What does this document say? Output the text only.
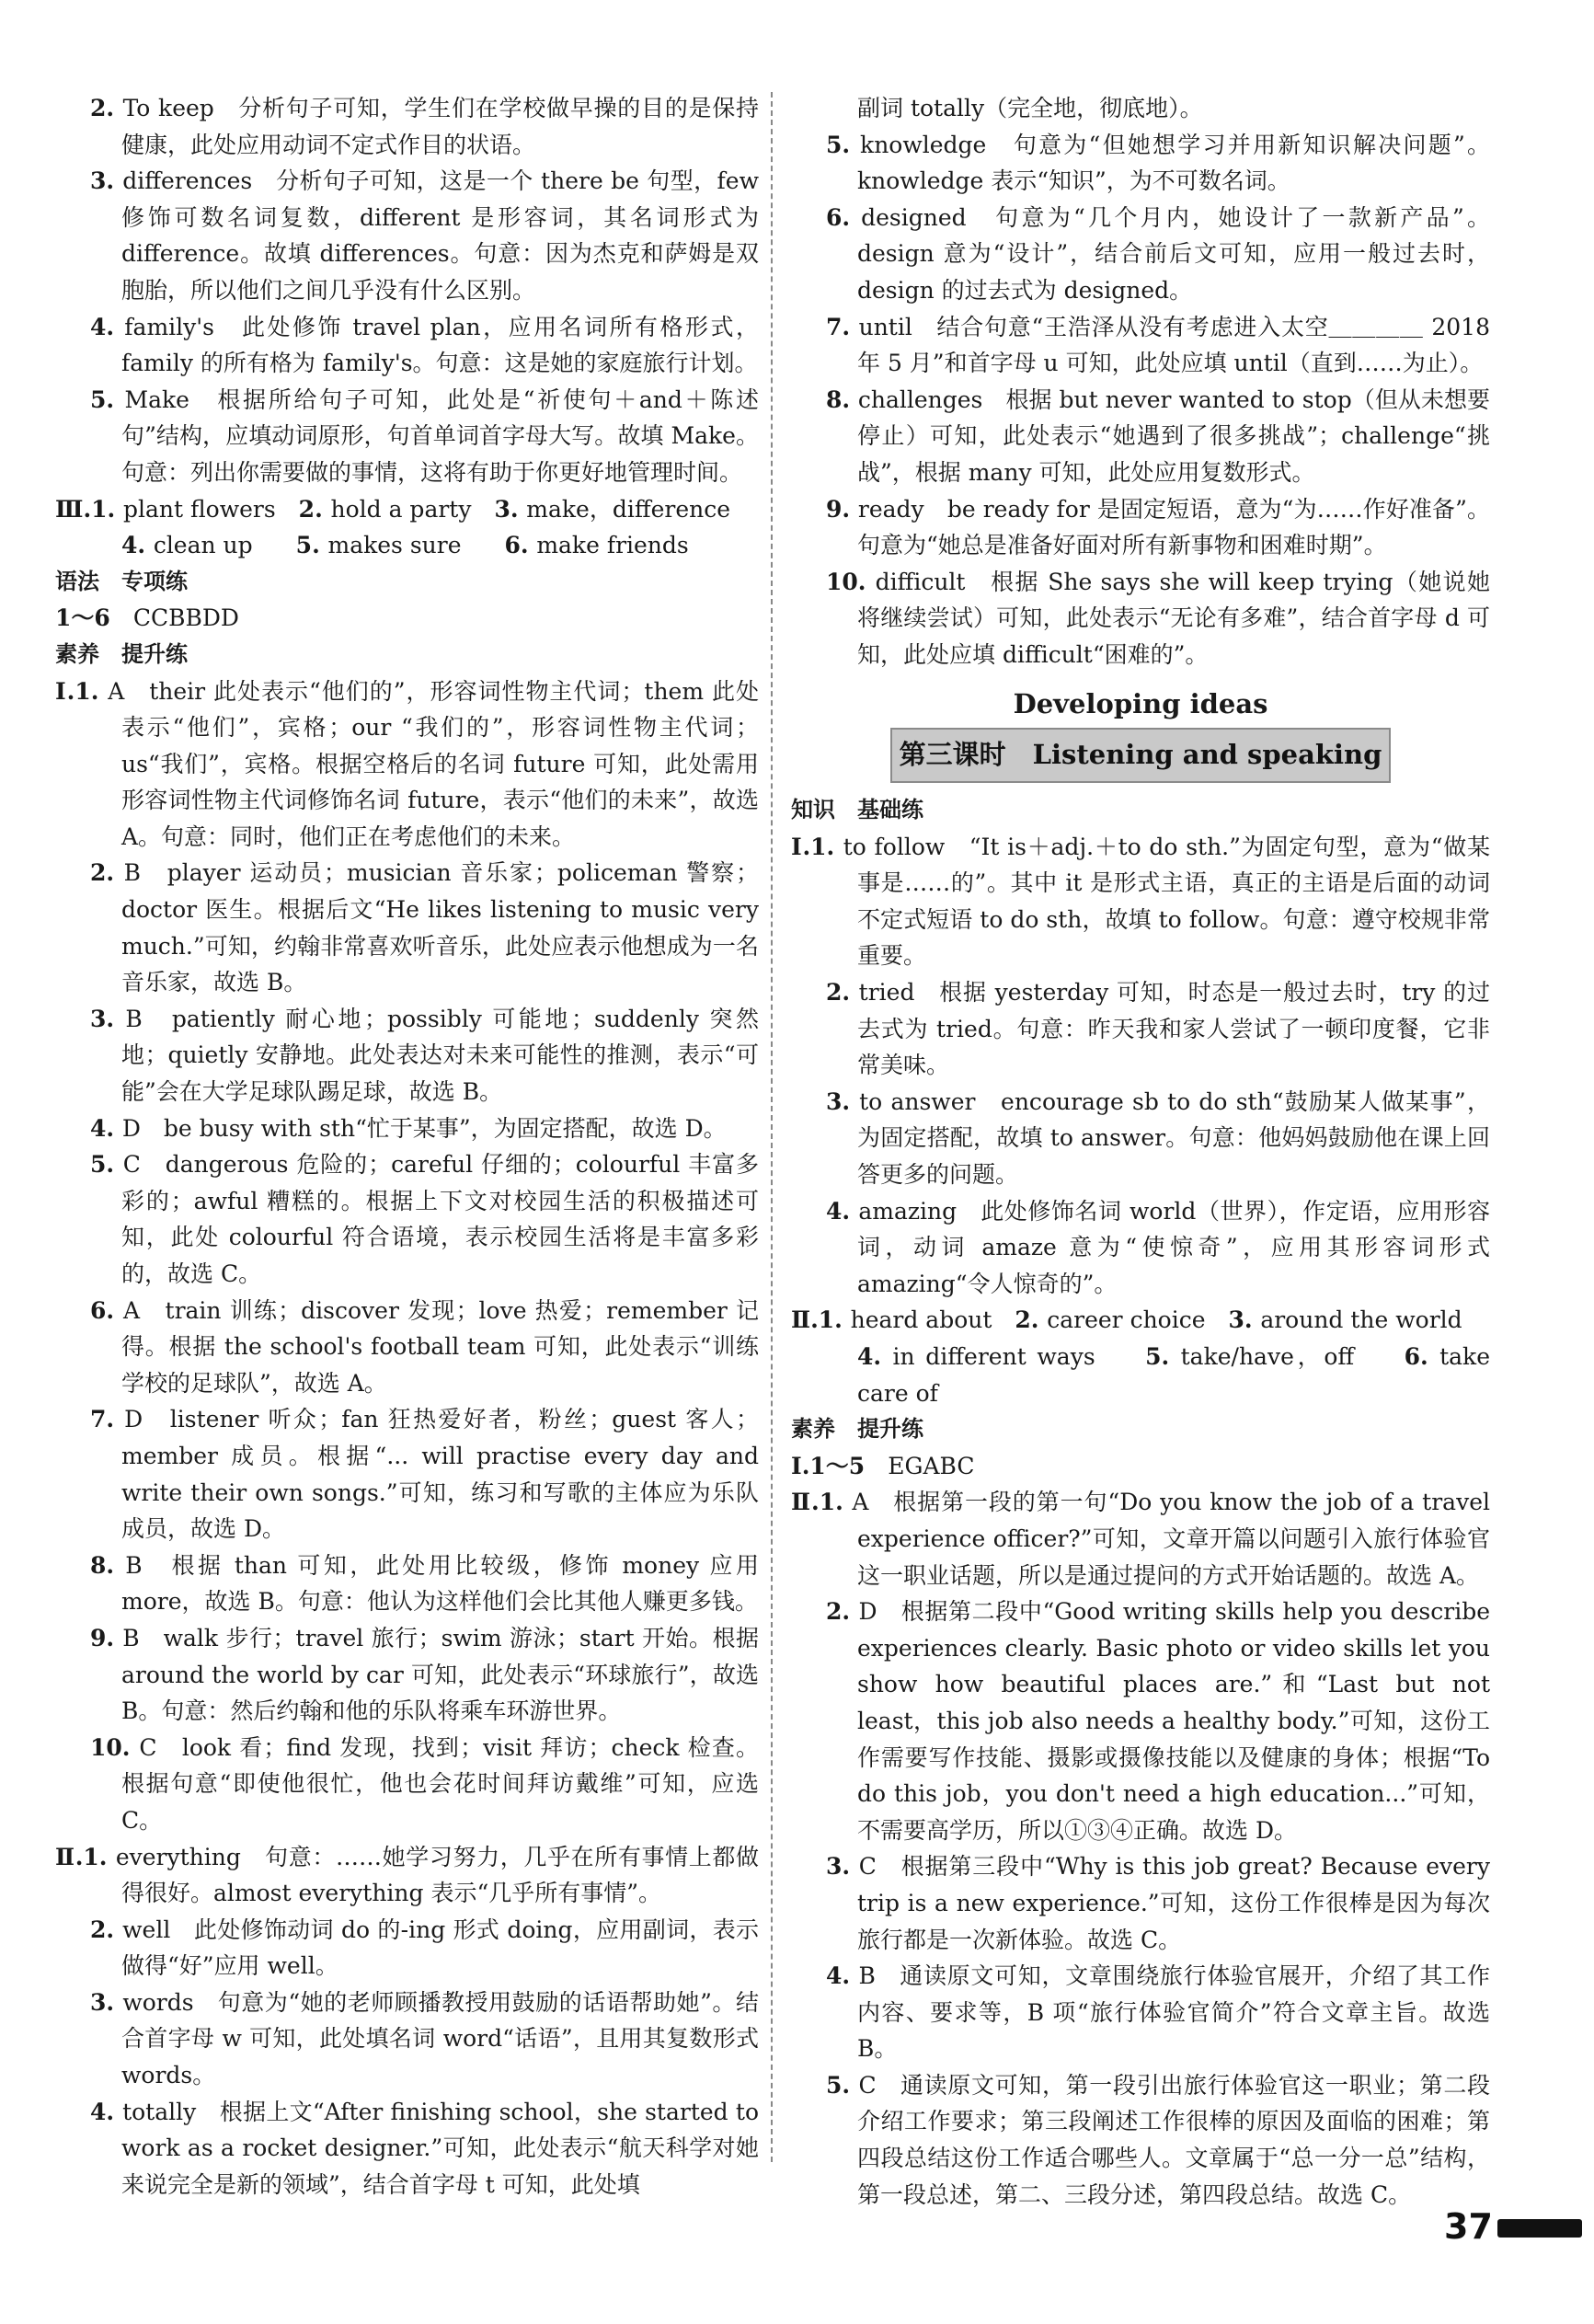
2. To keep　分析句子可知，学生们在学校做早操的目的是保持健康，此处应用动词不定式作目的状语。
3. differences　分析句子可知，这是一个 there be 句型，few 修饰可数名词复数，different 是形容词，其名词形式为 difference。故填 differences。句意：因为杰克和萨姆是双胞胎，所以他们之间几乎没有什么区别。
4. family's　此处修饰 travel plan，应用名词所有格形式，family 的所有格为 family's。句意：这是她的家庭旅行计划。
5. Make　根据所给句子可知，此处是“祈使句＋and＋陈述句”结构，应填动词原形，句首单词首字母大写。故填 Make。句意：列出你需要做的事情，这将有助于你更好地管理时间。
Ⅲ.1. plant flowers　2. hold a party　3. make，difference　
4. clean up　5. makes sure　6. make friends　
语法　专项练
1～6　 CCBBDD
素养　提升练
Ⅰ.1. A　their 此处表示“他们的”，形容词性物主代词；them 此处表示“他们”，宾格；our “我们的”，形容词性物主代词；us“我们”，宾格。根据空格后的名词 future 可知，此处需用形容词性物主代词修饰名词 future，表示“他们的未来”，故选 A。句意：同时，他们正在考虑他们的未来。
2. B　player 运动员；musician 音乐家；policeman 警察；doctor 医生。根据后文“He likes listening to music very much.”可知，约翰非常喜欢听音乐，此处应表示他想成为一名音乐家，故选 B。
3. B　patiently 耐心地；possibly 可能地；suddenly 突然地；quietly 安静地。此处表达对未来可能性的推测，表示“可能”会在大学足球队踢足球，故选 B。
4. D　be busy with sth“忙于某事”，为固定搭配，故选 D。
5. C　dangerous 危险的；careful 仔细的；colourful 丰富多彩的；awful 糟糕的。根据上下文对校园生活的积极描述可知，此处 colourful 符合语境，表示校园生活将是丰富多彩的，故选 C。
6. A　train 训练；discover 发现；love 热爱；remember 记得。根据 the school's football team 可知，此处表示“训练学校的足球队”，故选 A。
7. D　listener 听众；fan 狂热爱好者，粉丝；guest 客人；member 成员。根据“... will practise every day and write their own songs.”可知，练习和写歌的主体应为乐队成员，故选 D。
8. B　根据 than 可知，此处用比较级，修饰 money 应用 more，故选 B。句意：他认为这样他们会比其他人赚更多钱。
9. B　walk 步行；travel 旅行；swim 游泳；start 开始。根据 around the world by car 可知，此处表示“环球旅行”，故选 B。句意：然后约翰和他的乐队将乘车环游世界。
10. C　look 看；find 发现，找到；visit 拜访；check 检查。根据句意“即使他很忙，他也会花时间拜访戴维”可知，应选 C。
Ⅱ.1. everything　句意：……她学习努力，几乎在所有事情上都做得很好。almost everything 表示“几乎所有事情”。
2. well　此处修饰动词 do 的-ing 形式 doing，应用副词，表示做得“好”应用 well。
3. words　句意为“她的老师顾播教授用鼓励的话语帮助她”。结合首字母 w 可知，此处填名词 word“话语”，且用其复数形式 words。
4. totally　根据上文“After finishing school，she started to work as a rocket designer.”可知，此处表示“航天科学对她来说完全是新的领域”，结合首字母 t 可知，此处填
副词 totally（完全地，彻底地）。
5. knowledge　句意为“但她想学习并用新知识解决问题”。knowledge 表示“知识”，为不可数名词。
6. designed　句意为“几个月内，她设计了一款新产品”。design 意为“设计”，结合前后文可知，应用一般过去时，design 的过去式为 designed。
7. until　结合句意“王浩泽从没有考虑进入太空＿＿＿＿ 2018 年 5 月”和首字母 u 可知，此处应填 until（直到……为止）。
8. challenges　根据 but never wanted to stop（但从未想要停止）可知，此处表示“她遇到了很多挑战”；challenge“挑战”，根据 many 可知，此处应用复数形式。
9. ready　be ready for 是固定短语，意为“为……作好准备”。句意为“她总是准备好面对所有新事物和困难时期”。
10. difficult　根据 She says she will keep trying（她说她将继续尝试）可知，此处表示“无论有多难”，结合首字母 d 可知，此处应填 difficult“困难的”。
Developing ideas
第三课时　Listening and speaking
知识　基础练
Ⅰ.1. to follow　“It is＋adj.＋to do sth.”为固定句型，意为“做某事是……的”。其中 it 是形式主语，真正的主语是后面的动词不定式短语 to do sth，故填 to follow。句意：遵守校规非常重要。
2. tried　根据 yesterday 可知，时态是一般过去时，try 的过去式为 tried。句意：昨天我和家人尝试了一顿印度餐，它非常美味。
3. to answer　encourage sb to do sth“鼓励某人做某事”，为固定搭配，故填 to answer。句意：他妈妈鼓励他在课上回答更多的问题。
4. amazing　此处修饰名词 world（世界），作定语，应用形容词，动词 amaze 意为“使惊奇”，应用其形容词形式 amazing“令人惊奇的”。
Ⅱ.1. heard about　2. career choice　3. around the world　
4. in different ways　5. take/have，off　6. take care of　
素养　提升练
Ⅰ.1～5　 EGABC
Ⅱ.1. A　根据第一段的第一句“Do you know the job of a travel experience officer?”可知，文章开篇以问题引入旅行体验官这一职业话题，所以是通过提问的方式开始话题的。故选 A。
2. D　根据第二段中“Good writing skills help you describe experiences clearly. Basic photo or video skills let you show how beautiful places are.”和“Last but not least，this job also needs a healthy body.”可知，这份工作需要写作技能、摄影或摄像技能以及健康的身体；根据“To do this job，you don't need a high education...”可知，不需要高学历，所以①③④正确。故选 D。
3. C　根据第三段中“Why is this job great? Because every trip is a new experience.”可知，这份工作很棒是因为每次旅行都是一次新体验。故选 C。
4. B　通读原文可知，文章围绕旅行体验官展开，介绍了其工作内容、要求等，B 项“旅行体验官简介”符合文章主旨。故选 B。
5. C　通读原文可知，第一段引出旅行体验官这一职业；第二段介绍工作要求；第三段阐述工作很棒的原因及面临的困难；第四段总结这份工作适合哪些人。文章属于“总一分一总”结构，第一段总述，第二、三段分述，第四段总结。故选 C。
37
